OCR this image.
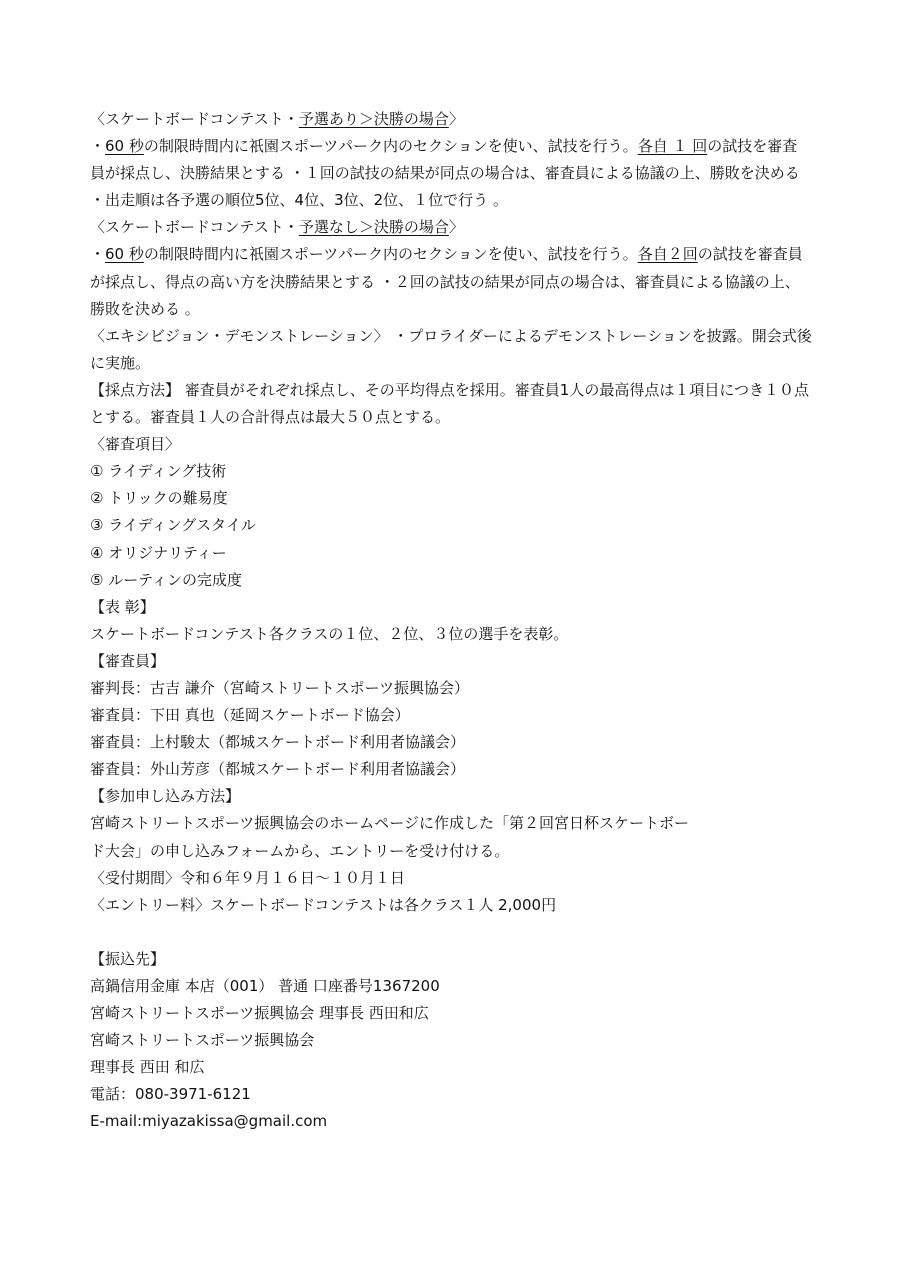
〈スケートボードコンテスト・予選あり＞決勝の場合〉
・60 秒の制限時間内に祇園スポーツパーク内のセクションを使い、試技を行う。各自 １ 回の試技を審査員が採点し、決勝結果とする ・１回の試技の結果が同点の場合は、審査員による協議の上、勝敗を決める ・出走順は各予選の順位5位、4位、3位、2位、１位で行う 。
〈スケートボードコンテスト・予選なし＞決勝の場合〉
・60 秒の制限時間内に祇園スポーツパーク内のセクションを使い、試技を行う。各自２回の試技を審査員が採点し、得点の高い方を決勝結果とする ・２回の試技の結果が同点の場合は、審査員による協議の上、勝敗を決める 。
〈エキシビジョン・デモンストレーション〉 ・プロライダーによるデモンストレーションを披露。開会式後に実施。
【採点方法】 審査員がそれぞれ採点し、その平均得点を採用。審査員1人の最高得点は１項目につき１０点とする。審査員１人の合計得点は最大５０点とする。
〈審査項目〉
① ライディング技術
② トリックの難易度
③ ライディングスタイル
④ オリジナリティー
⑤ ルーティンの完成度
【表 彰】
スケートボードコンテスト各クラスの１位、２位、３位の選手を表彰。
【審査員】
審判長：古吉 謙介（宮崎ストリートスポーツ振興協会）
審査員：下田 真也（延岡スケートボード協会）
審査員：上村駿太（都城スケートボード利用者協議会）
審査員：外山芳彦（都城スケートボード利用者協議会）
【参加申し込み方法】
宮崎ストリートスポーツ振興協会のホームページに作成した「第２回宮日杯スケートボー
ド大会」の申し込みフォームから、エントリーを受け付ける。
〈受付期間〉令和６年９月１６日～１０月１日
〈エントリー料〉スケートボードコンテストは各クラス１人 2,000円
【振込先】
高鍋信用金庫 本店（001） 普通 口座番号1367200
宮崎ストリートスポーツ振興協会 理事長 西田和広
宮崎ストリートスポーツ振興協会
理事長 西田 和広
電話：080-3971-6121
E-mail:miyazakissa@gmail.com
